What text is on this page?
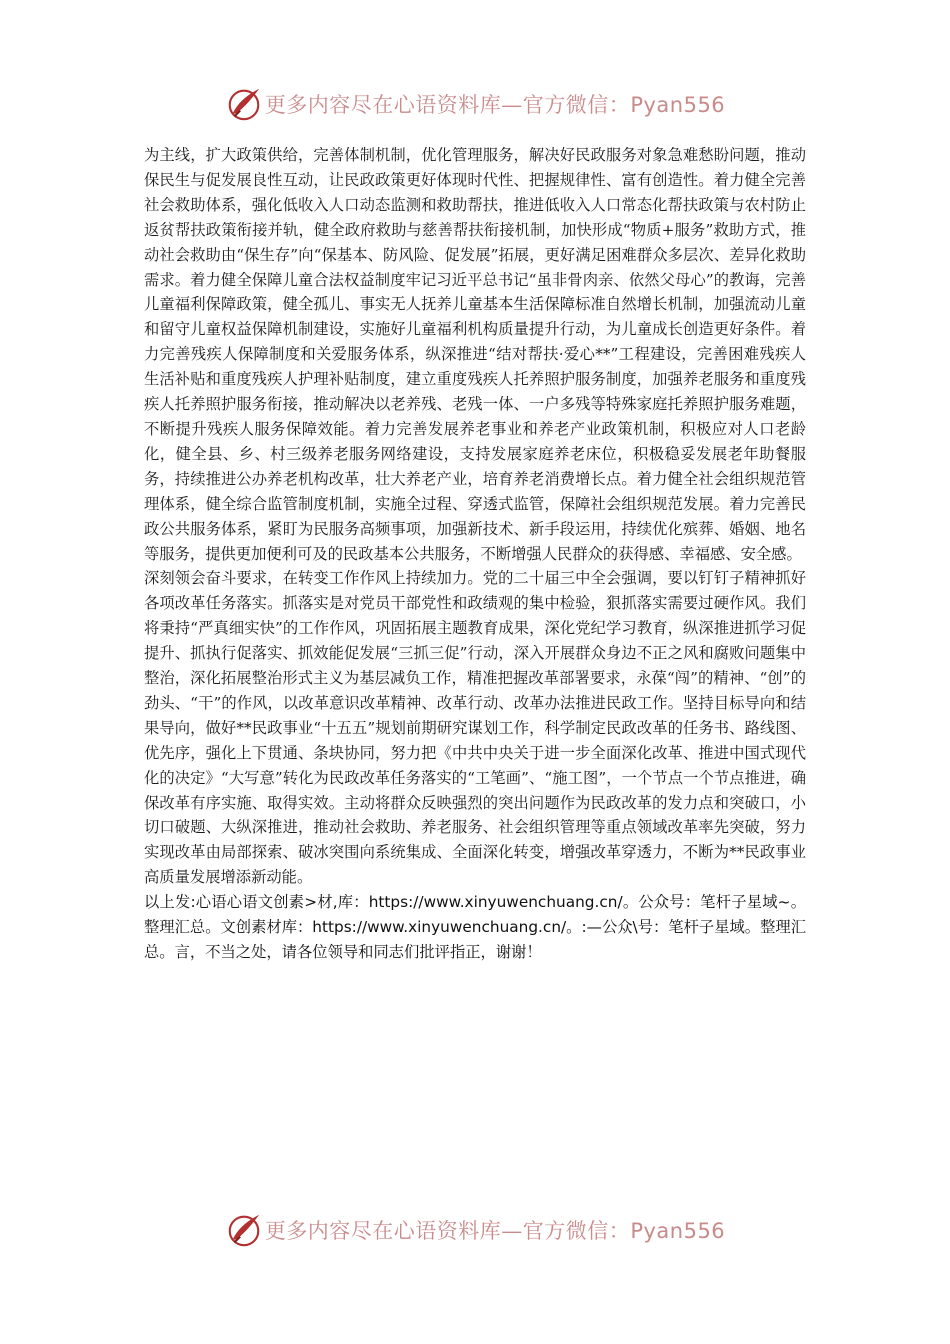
更多内容尽在心语资料库—官方微信：Pyan556

为主线，扩大政策供给，完善体制机制，优化管理服务，解决好民政服务对象急难愁盼问题，推动保民生与促发展良性互动，让民政政策更好体现时代性、把握规律性、富有创造性。着力健全完善社会救助体系，强化低收入人口动态监测和救助帮扶，推进低收入人口常态化帮扶政策与农村防止返贫帮扶政策衔接并轨，健全政府救助与慈善帮扶衔接机制，加快形成“物质+服务”救助方式，推动社会救助由“保生存”向“保基本、防风险、促发展”拓展，更好满足困难群众多层次、差异化救助需求。着力健全保障儿童合法权益制度牢记习近平总书记“虽非骨肉亲、依然父母心”的教诲，完善儿童福利保障政策，健全孤儿、事实无人抚养儿童基本生活保障标准自然增长机制，加强流动儿童和留守儿童权益保障机制建设，实施好儿童福利机构质量提升行动，为儿童成长创造更好条件。着力完善残疾人保障制度和关爱服务体系，纵深推进“结对帮扶·爱心**”工程建设，完善困难残疾人生活补贴和重度残疾人护理补贴制度，建立重度残疾人托养照护服务制度，加强养老服务和重度残疾人托养照护服务衔接，推动解决以老养残、老残一体、一户多残等特殊家庭托养照护服务难题，不断提升残疾人服务保障效能。着力完善发展养老事业和养老产业政策机制，积极应对人口老龄化，健全县、乡、村三级养老服务网络建设，支持发展家庭养老床位，积极稳妥发展老年助餐服务，持续推进公办养老机构改革，壮大养老产业，培育养老消费增长点。着力健全社会组织规范管理体系，健全综合监管制度机制，实施全过程、穿透式监管，保障社会组织规范发展。着力完善民政公共服务体系，紧盯为民服务高频事项，加强新技术、新手段运用，持续优化殡葬、婚姻、地名等服务，提供更加便利可及的民政基本公共服务，不断增强人民群众的获得感、幸福感、安全感。

深刻领会奋斗要求，在转变工作作风上持续加力。党的二十届三中全会强调，要以钉钉子精神抓好各项改革任务落实。抓落实是对党员干部党性和政绩观的集中检验，狠抓落实需要过硬作风。我们将秉持“严真细实快”的工作作风，巩固拓展主题教育成果，深化党纪学习教育，纵深推进抓学习促提升、抓执行促落实、抓效能促发展“三抓三促”行动，深入开展群众身边不正之风和腐败问题集中整治，深化拓展整治形式主义为基层减负工作，精准把握改革部署要求，永葆“闯”的精神、“创”的劲头、“干”的作风，以改革意识改革精神、改革行动、改革办法推进民政工作。坚持目标导向和结果导向，做好**民政事业“十五五”规划前期研究谋划工作，科学制定民政改革的任务书、路线图、优先序，强化上下贯通、条块协同，努力把《中共中央关于进一步全面深化改革、推进中国式现代化的决定》“大写意”转化为民政改革任务落实的“工笔画”、“施工图”，一个节点一个节点推进，确保改革有序实施、取得实效。主动将群众反映强烈的突出问题作为民政改革的发力点和突破口，小切口破题、大纵深推进，推动社会救助、养老服务、社会组织管理等重点领域改革率先突破，努力实现改革由局部探索、破冰突围向系统集成、全面深化转变，增强改革穿透力，不断为**民政事业高质量发展增添新动能。

以上发:心语心语文创素>材,库：https://www.xinyuwenchuang.cn/。公众号：笔杆子星域~。整理汇总。文创素材库：https://www.xinyuwenchuang.cn/。:—公众\号：笔杆子星域。整理汇总。言，不当之处，请各位领导和同志们批评指正，谢谢！

更多内容尽在心语资料库—官方微信：Pyan556
